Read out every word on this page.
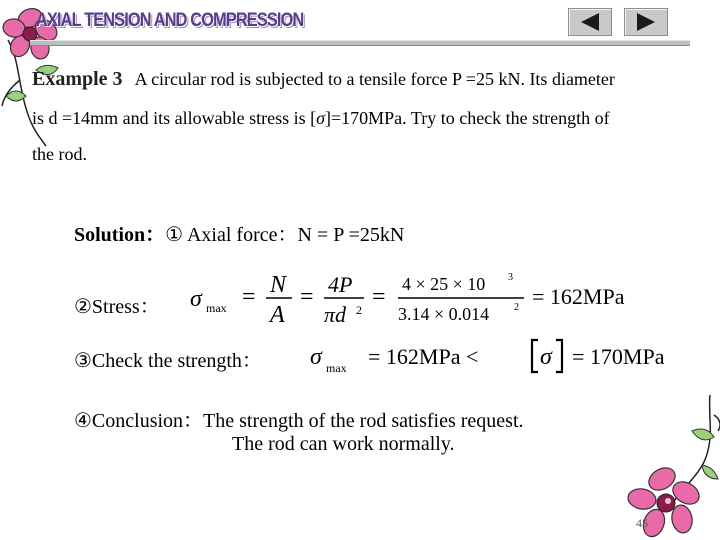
AXIAL TENSION AND COMPRESSION
Example 3 A circular rod is subjected to a tensile force P =25 kN. Its diameter
is d =14mm and its allowable stress is [σ]=170MPa. Try to check the strength of
the rod.
Solution：① Axial force：N = P =25kN
②Stress： σ max = N
A
= 4P
πd 2 = 4 × 25 × 10 3
3.14 × 0.014 2 = 162MPa
③Check the strength： σ max = 162MPa <	σ = 170MPa
④Conclusion：The strength of the rod satisfies request.
The rod can work normally.
45
